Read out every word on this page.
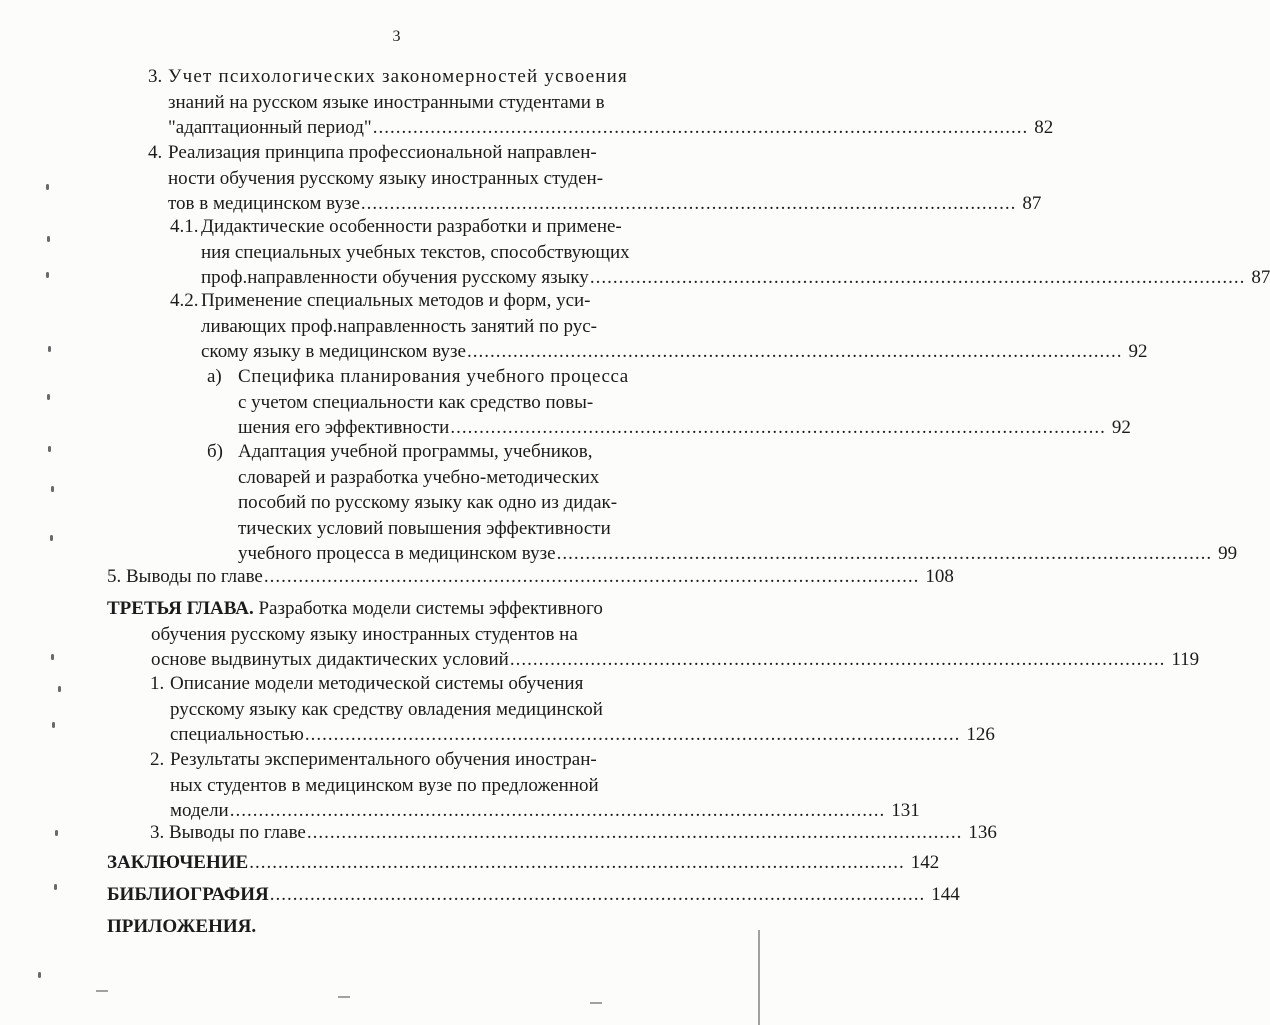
3
3. Учет психологических закономерностей усвоения
знаний на русском языке иностранными студентами в
"адаптационный период" .................................................................................................................. 82
4. Реализация принципа профессиональной направлен-
ности обучения русскому языку иностранных студен-
тов в медицинском вузе .................................................................................................................. 87
4.1. Дидактические особенности разработки и примене-
ния специальных учебных текстов, способствующих
проф.направленности обучения русскому языку .................................................................................................................. 87
4.2. Применение специальных методов и форм, уси-
ливающих проф.направленность занятий по рус-
скому языку в медицинском вузе .................................................................................................................. 92
а) Специфика планирования учебного процесса
с учетом специальности как средство повы-
шения его эффективности .................................................................................................................. 92
б) Адаптация учебной программы, учебников,
словарей и разработка учебно-методических
пособий по русскому языку как одно из дидак-
тических условий повышения эффективности
учебного процесса в медицинском вузе .................................................................................................................. 99
5. Выводы по главе .................................................................................................................. 108
ТРЕТЬЯ ГЛАВА. Разработка модели системы эффективного
обучения русскому языку иностранных студентов на
основе выдвинутых дидактических условий .................................................................................................................. 119
1. Описание модели методической системы обучения
русскому языку как средству овладения медицинской
специальностью .................................................................................................................. 126
2. Результаты экспериментального обучения иностран-
ных студентов в медицинском вузе по предложенной
модели .................................................................................................................. 131
3. Выводы по главе .................................................................................................................. 136
ЗАКЛЮЧЕНИЕ .................................................................................................................. 142
БИБЛИОГРАФИЯ .................................................................................................................. 144
ПРИЛОЖЕНИЯ.
